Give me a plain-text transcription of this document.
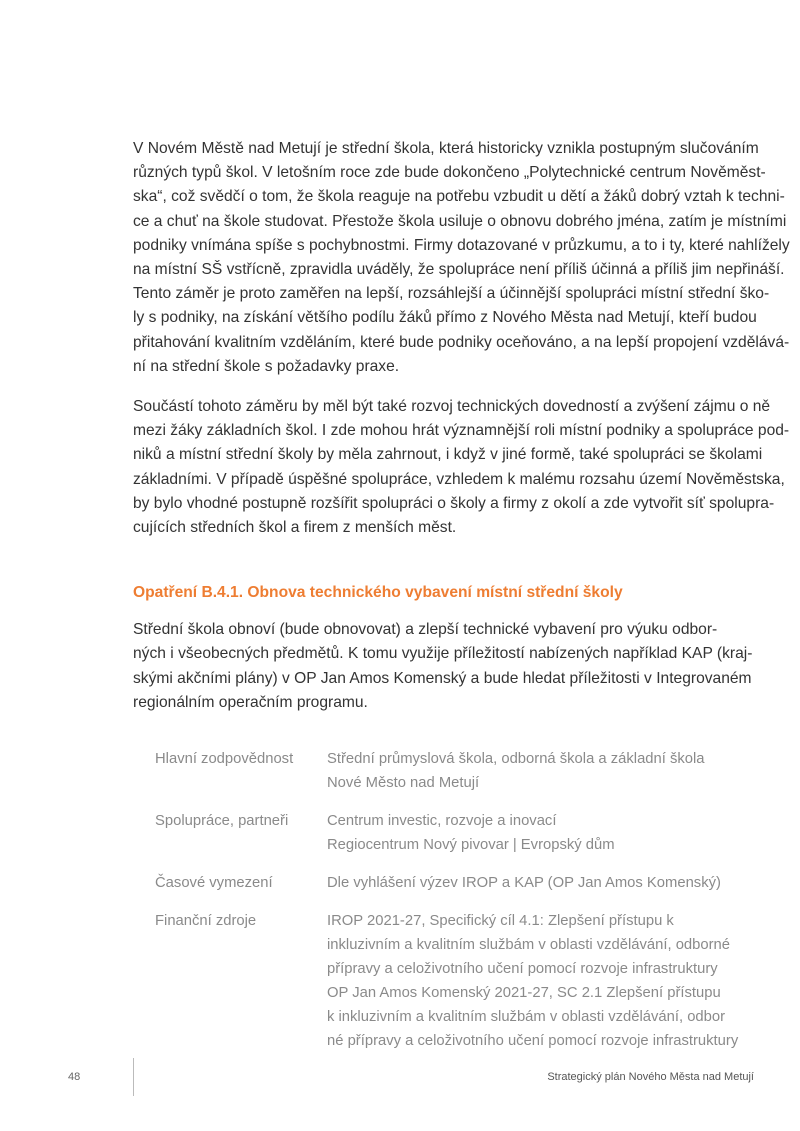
V Novém Městě nad Metují je střední škola, která historicky vznikla postupným slučováním
různých typů škol. V letošním roce zde bude dokončeno „Polytechnické centrum Nověměst-
ska“, což svědčí o tom, že škola reaguje na potřebu vzbudit u dětí a žáků dobrý vztah k techni-
ce a chuť na škole studovat. Přestože škola usiluje o obnovu dobrého jména, zatím je místními
podniky vnímána spíše s pochybnostmi. Firmy dotazované v průzkumu, a to i ty, které nahlížely
na místní SŠ vstřícně, zpravidla uváděly, že spolupráce není příliš účinná a příliš jim nepřináší.
Tento záměr je proto zaměřen na lepší, rozsáhlejší a účinnější spolupráci místní střední ško-
ly s podniky, na získání většího podílu žáků přímo z Nového Města nad Metují, kteří budou
přitahování kvalitním vzděláním, které bude podniky oceňováno, a na lepší propojení vzdělává-
ní na střední škole s požadavky praxe.

Součástí tohoto záměru by měl být také rozvoj technických dovedností a zvýšení zájmu o ně
mezi žáky základních škol. I zde mohou hrát významnější roli místní podniky a spolupráce pod-
niků a místní střední školy by měla zahrnout, i když v jiné formě, také spolupráci se školami
základními. V případě úspěšné spolupráce, vzhledem k malému rozsahu území Nověměstska,
by bylo vhodné postupně rozšířit spolupráci o školy a firmy z okolí a zde vytvořit síť spolupra-
cujících středních škol a firem z menších měst.

Opatření B.4.1. Obnova technického vybavení místní střední školy

Střední škola obnoví (bude obnovovat) a zlepší technické vybavení pro výuku odbor-
ných i všeobecných předmětů. K tomu využije příležitostí nabízených například KAP (kraj-
skými akčními plány) v OP Jan Amos Komenský a bude hledat příležitosti v Integrovaném
regionálním operačním programu.

Hlavní zodpovědnost	Střední průmyslová škola, odborná škola a základní škola
Nové Město nad Metují
Spolupráce, partneři	Centrum investic, rozvoje a inovací
Regiocentrum Nový pivovar | Evropský dům
Časové vymezení	Dle vyhlášení výzev IROP a KAP (OP Jan Amos Komenský)
Finanční zdroje	IROP 2021-27, Specifický cíl 4.1: Zlepšení přístupu k
inkluzivním a kvalitním službám v oblasti vzdělávání, odborné
přípravy a celoživotního učení pomocí rozvoje infrastruktury
OP Jan Amos Komenský 2021-27, SC 2.1 Zlepšení přístupu
k inkluzivním a kvalitním službám v oblasti vzdělávání, odbor
né přípravy a celoživotního učení pomocí rozvoje infrastruktury
48	Strategický plán Nového Města nad Metují
